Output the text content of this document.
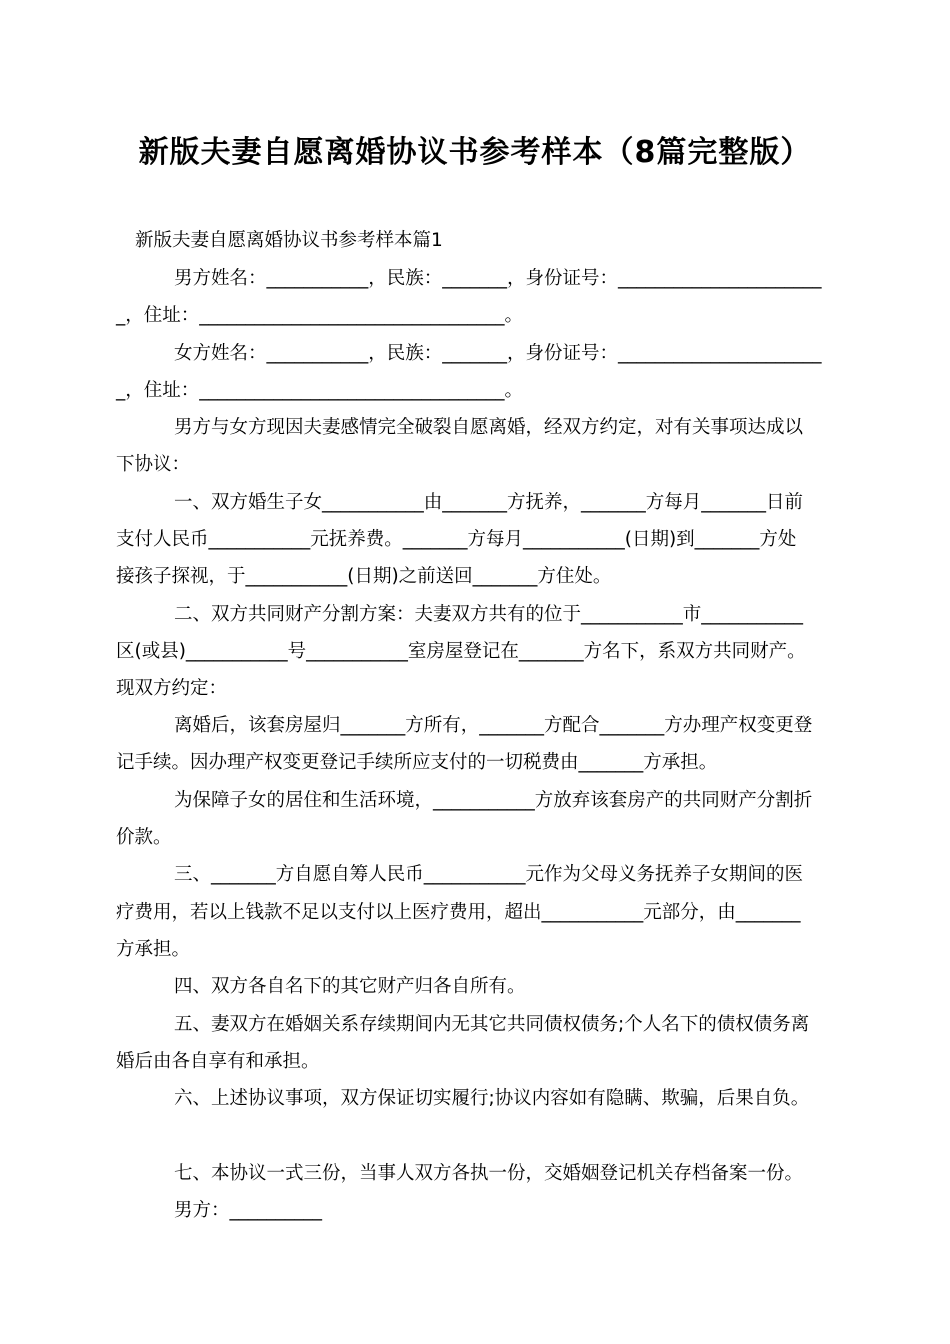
新版夫妻自愿离婚协议书参考样本（8篇完整版）
新版夫妻自愿离婚协议书参考样本篇1
男方姓名：___________，民族：_______，身份证号：______________________
_，住址：_________________________________。
女方姓名：___________，民族：_______，身份证号：______________________
_，住址：_________________________________。
男方与女方现因夫妻感情完全破裂自愿离婚，经双方约定，对有关事项达成以
下协议：
一、双方婚生子女___________由_______方抚养，_______方每月_______日前
支付人民币___________元抚养费。_______方每月___________(日期)到_______方处
接孩子探视，于___________(日期)之前送回_______方住处。
二、双方共同财产分割方案：夫妻双方共有的位于___________市___________
区(或县)___________号___________室房屋登记在_______方名下，系双方共同财产。
现双方约定：
离婚后，该套房屋归_______方所有，_______方配合_______方办理产权变更登
记手续。因办理产权变更登记手续所应支付的一切税费由_______方承担。
为保障子女的居住和生活环境，___________方放弃该套房产的共同财产分割折
价款。
三、_______方自愿自筹人民币___________元作为父母义务抚养子女期间的医
疗费用，若以上钱款不足以支付以上医疗费用，超出___________元部分，由_______
方承担。
四、双方各自名下的其它财产归各自所有。
五、妻双方在婚姻关系存续期间内无其它共同债权债务;个人名下的债权债务离
婚后由各自享有和承担。
六、上述协议事项，双方保证切实履行;协议内容如有隐瞒、欺骗，后果自负。
七、本协议一式三份，当事人双方各执一份，交婚姻登记机关存档备案一份。
男方：__________
